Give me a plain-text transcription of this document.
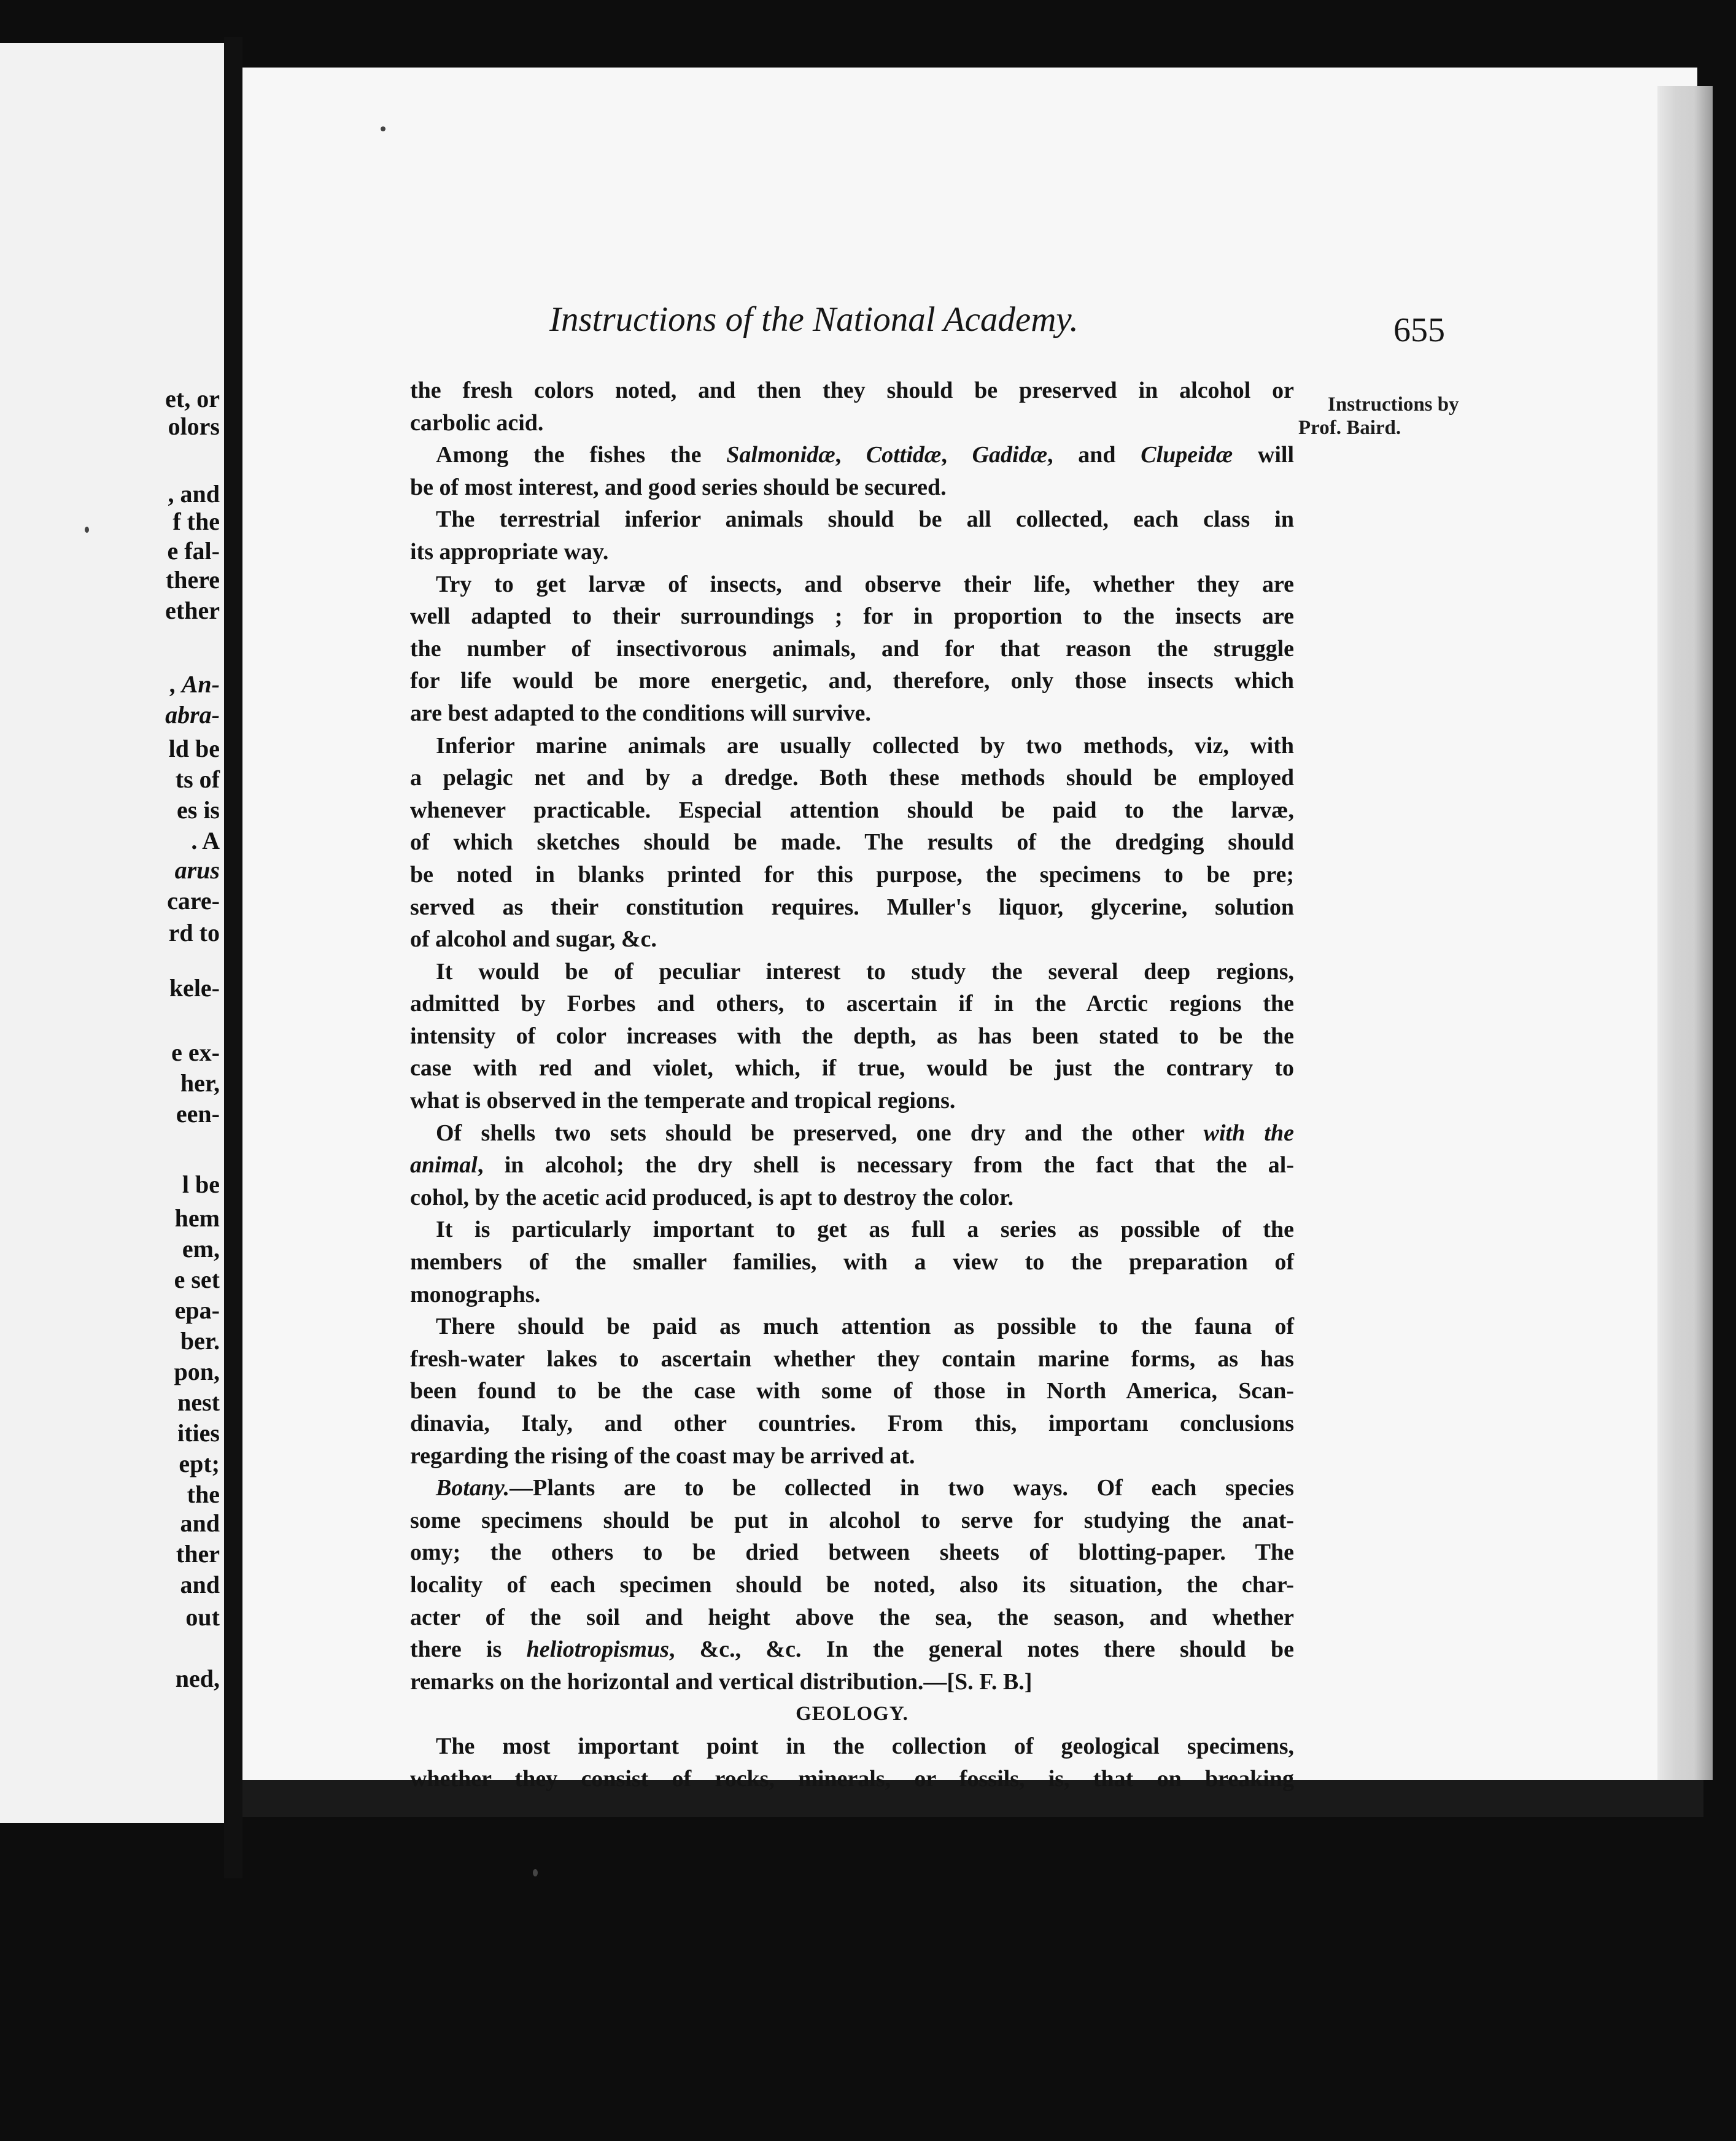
et, or
olors
, and
f the
e fal-
there
ether
, An-
abra-
ld be
ts of
es is
. A
arus
care-
rd to
kele-
e ex-
her,
een-
l be
hem
em,
e set
epa-
ber.
pon,
nest
ities
ept;
the
and
ther
and
out
ned,
Instructions of the National Academy.	655
Instructions by
Prof. Baird.
the fresh colors noted, and then they should be preserved in alcohol or
carbolic acid.
Among the fishes the Salmonidæ, Cottidæ, Gadidæ, and Clupeidæ will
be of most interest, and good series should be secured.
The terrestrial inferior animals should be all collected, each class in
its appropriate way.
Try to get larvæ of insects, and observe their life, whether they are
well adapted to their surroundings ; for in proportion to the insects are
the number of insectivorous animals, and for that reason the struggle
for life would be more energetic, and, therefore, only those insects which
are best adapted to the conditions will survive.
Inferior marine animals are usually collected by two methods, viz, with
a pelagic net and by a dredge. Both these methods should be employed
whenever practicable. Especial attention should be paid to the larvæ,
of which sketches should be made. The results of the dredging should
be noted in blanks printed for this purpose, the specimens to be pre;
served as their constitution requires. Muller's liquor, glycerine, solution
of alcohol and sugar, &c.
It would be of peculiar interest to study the several deep regions,
admitted by Forbes and others, to ascertain if in the Arctic regions the
intensity of color increases with the depth, as has been stated to be the
case with red and violet, which, if true, would be just the contrary to
what is observed in the temperate and tropical regions.
Of shells two sets should be preserved, one dry and the other with the
animal, in alcohol; the dry shell is necessary from the fact that the al-
cohol, by the acetic acid produced, is apt to destroy the color.
It is particularly important to get as full a series as possible of the
members of the smaller families, with a view to the preparation of
monographs.
There should be paid as much attention as possible to the fauna of
fresh-water lakes to ascertain whether they contain marine forms, as has
been found to be the case with some of those in North America, Scan-
dinavia, Italy, and other countries. From this, importanı conclusions
regarding the rising of the coast may be arrived at.
Botany.—Plants are to be collected in two ways. Of each species
some specimens should be put in alcohol to serve for studying the anat-
omy; the others to be dried between sheets of blotting-paper. The
locality of each specimen should be noted, also its situation, the char-
acter of the soil and height above the sea, the season, and whether
there is heliotropismus, &c., &c. In the general notes there should be
remarks on the horizontal and vertical distribution.—[S. F. B.]
GEOLOGY.
The most important point in the collection of geological specimens,
whether they consist of rocks, minerals, or fossils, is, that on breaking
